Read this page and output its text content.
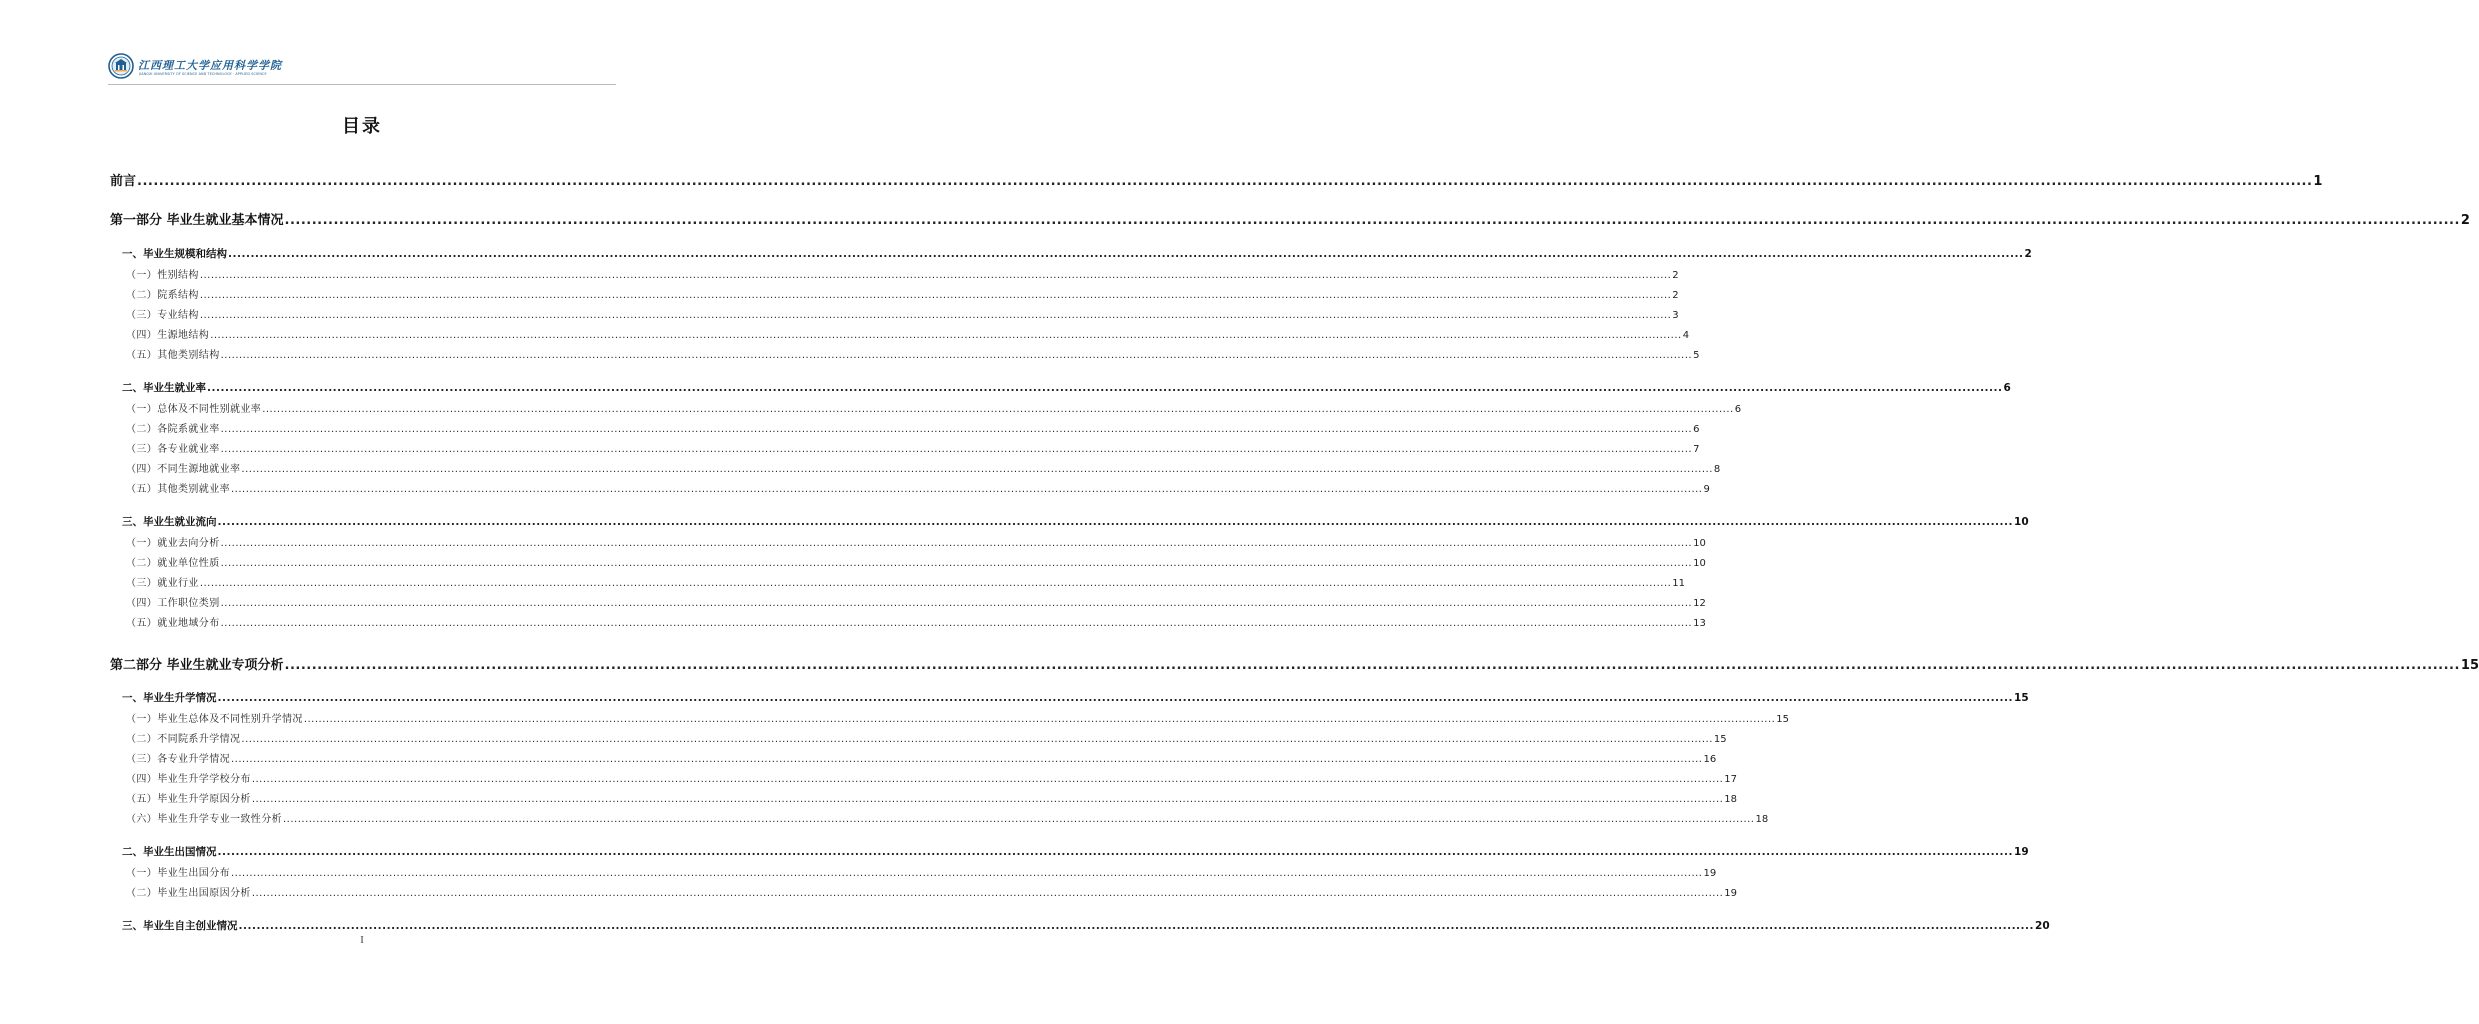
江西理工大学应用科学学院
JIANGXI UNIVERSITY OF SCIENCE AND TECHNOLOGY · APPLIED SCIENCE
目录
前言 ................................................................................................................................................................................................................................................................................................................................................................................................................ 1
第一部分 毕业生就业基本情况 ................................................................................................................................................................................................................................................................................................................................................................................................................ 2
一、毕业生规模和结构 ................................................................................................................................................................................................................................................................................................................................................................................................................ 2
（一）性别结构 ................................................................................................................................................................................................................................................................................................................................................................................................................ 2
（二）院系结构 ................................................................................................................................................................................................................................................................................................................................................................................................................ 2
（三）专业结构 ................................................................................................................................................................................................................................................................................................................................................................................................................ 3
（四）生源地结构 ................................................................................................................................................................................................................................................................................................................................................................................................................ 4
（五）其他类别结构 ................................................................................................................................................................................................................................................................................................................................................................................................................ 5
二、毕业生就业率 ................................................................................................................................................................................................................................................................................................................................................................................................................ 6
（一）总体及不同性别就业率 ................................................................................................................................................................................................................................................................................................................................................................................................................ 6
（二）各院系就业率 ................................................................................................................................................................................................................................................................................................................................................................................................................ 6
（三）各专业就业率 ................................................................................................................................................................................................................................................................................................................................................................................................................ 7
（四）不同生源地就业率 ................................................................................................................................................................................................................................................................................................................................................................................................................ 8
（五）其他类别就业率 ................................................................................................................................................................................................................................................................................................................................................................................................................ 9
三、毕业生就业流向 ................................................................................................................................................................................................................................................................................................................................................................................................................ 10
（一）就业去向分析 ................................................................................................................................................................................................................................................................................................................................................................................................................ 10
（二）就业单位性质 ................................................................................................................................................................................................................................................................................................................................................................................................................ 10
（三）就业行业 ................................................................................................................................................................................................................................................................................................................................................................................................................ 11
（四）工作职位类别 ................................................................................................................................................................................................................................................................................................................................................................................................................ 12
（五）就业地域分布 ................................................................................................................................................................................................................................................................................................................................................................................................................ 13
第二部分 毕业生就业专项分析 ................................................................................................................................................................................................................................................................................................................................................................................................................ 15
一、毕业生升学情况 ................................................................................................................................................................................................................................................................................................................................................................................................................ 15
（一）毕业生总体及不同性别升学情况 ................................................................................................................................................................................................................................................................................................................................................................................................................ 15
（二）不同院系升学情况 ................................................................................................................................................................................................................................................................................................................................................................................................................ 15
（三）各专业升学情况 ................................................................................................................................................................................................................................................................................................................................................................................................................ 16
（四）毕业生升学学校分布 ................................................................................................................................................................................................................................................................................................................................................................................................................ 17
（五）毕业生升学原因分析 ................................................................................................................................................................................................................................................................................................................................................................................................................ 18
（六）毕业生升学专业一致性分析 ................................................................................................................................................................................................................................................................................................................................................................................................................ 18
二、毕业生出国情况 ................................................................................................................................................................................................................................................................................................................................................................................................................ 19
（一）毕业生出国分布 ................................................................................................................................................................................................................................................................................................................................................................................................................ 19
（二）毕业生出国原因分析 ................................................................................................................................................................................................................................................................................................................................................................................................................ 19
三、毕业生自主创业情况 ................................................................................................................................................................................................................................................................................................................................................................................................................ 20
I
